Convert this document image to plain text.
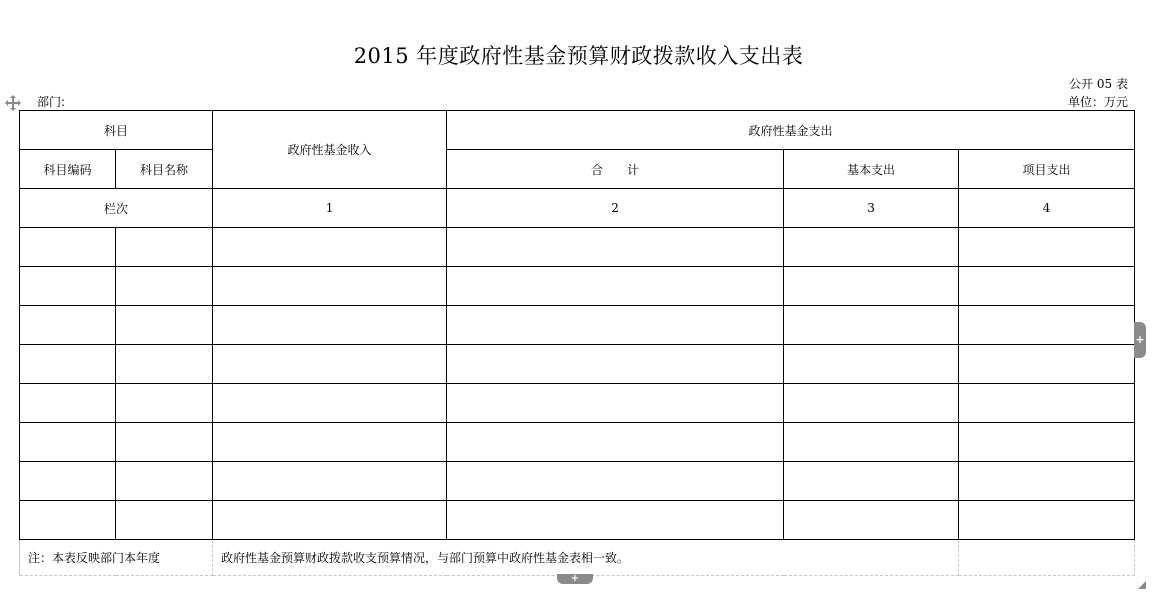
2015 年度政府性基金预算财政拨款收入支出表
公开 05 表
单位：万元
部门:
科目		政府性基金收入	政府性基金支出		
科目编码	科目名称		合　　计	基本支出	项目支出
栏次		1	2	3	4

注：本表反映部门本年度		政府性基金预算财政拨款收支预算情况，与部门预算中政府性基金表相一致。			
+
+
